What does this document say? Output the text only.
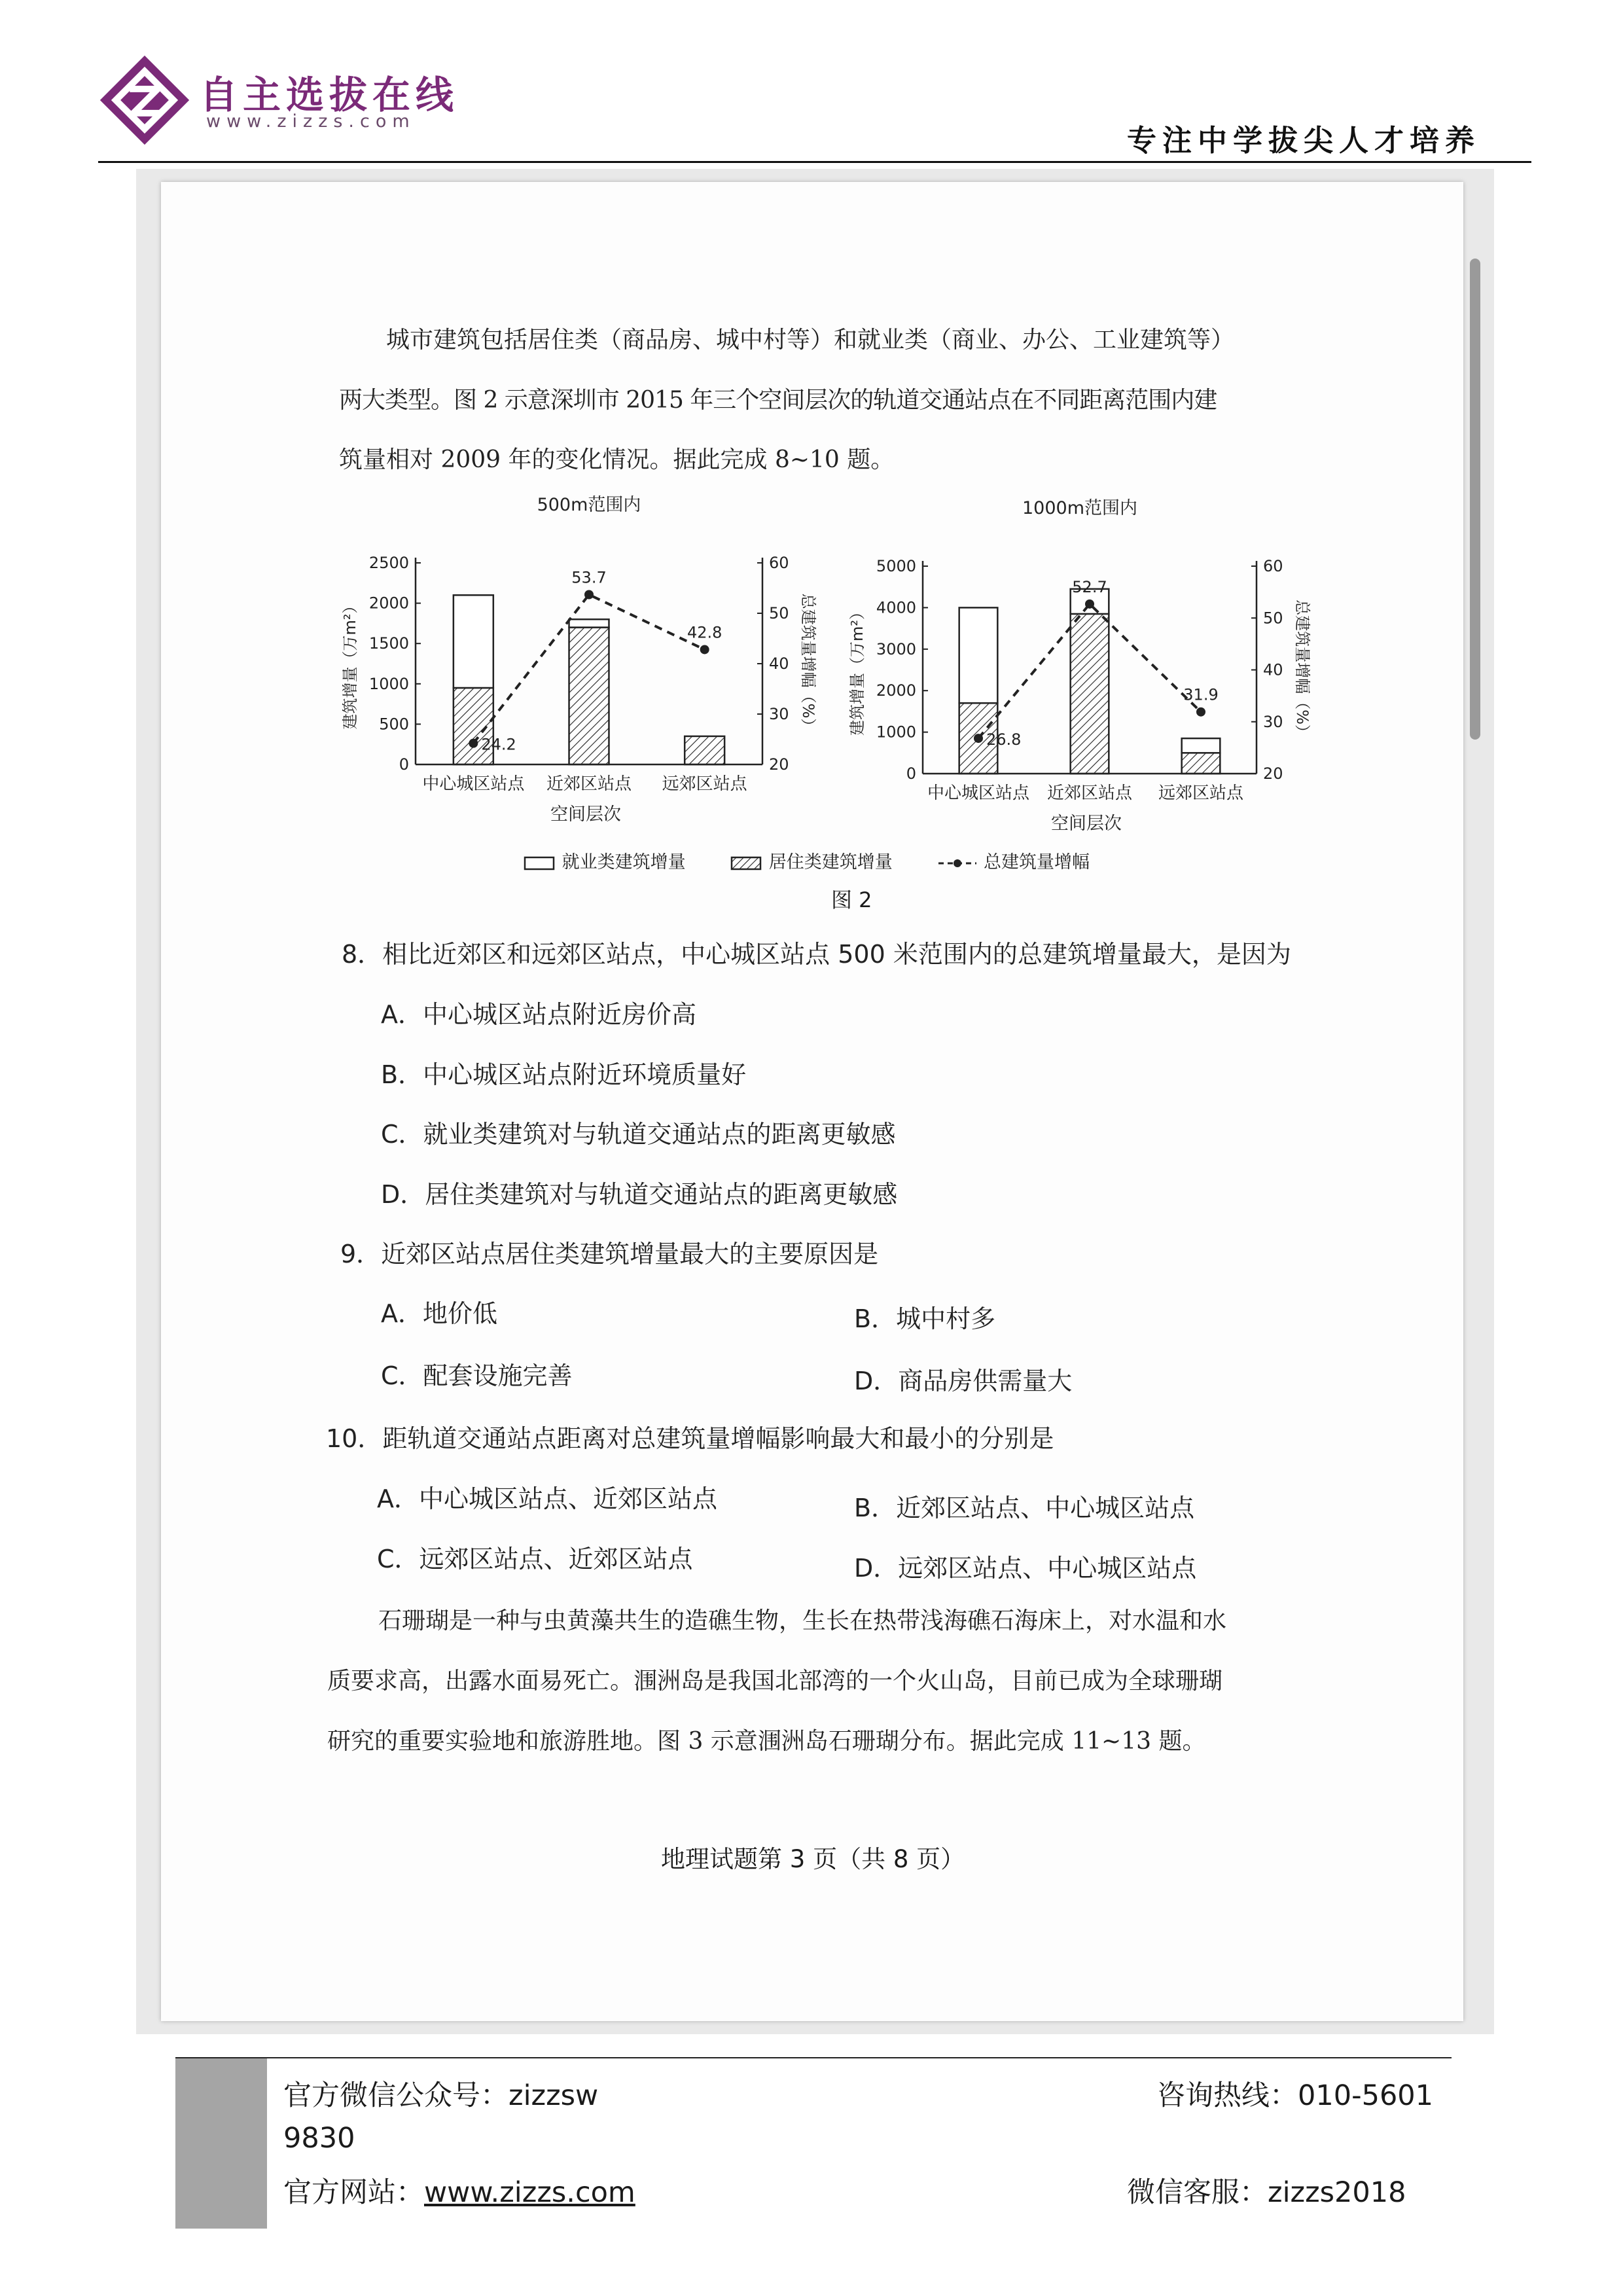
自主选拔在线
www.zizzs.com
专注中学拔尖人才培养
城市建筑包括居住类（商品房、城中村等）和就业类（商业、办公、工业建筑等）
两大类型。图 2 示意深圳市 2015 年三个空间层次的轨道交通站点在不同距离范围内建
筑量相对 2009 年的变化情况。据此完成 8~10 题。
500m范围内
0
500
1000
1500
2000
2500
20
30
40
50
60
建筑增量（万m²）	总建筑量增幅（%）
中心城区站点 近郊区站点 远郊区站点
空间层次
24.2
53.7
42.8
1000m范围内
0
1000
2000
3000
4000
5000
20
30
40
50
60
建筑增量（万m²）	总建筑量增幅（%）
中心城区站点 近郊区站点 远郊区站点
空间层次
26.8
52.7
31.9
就业类建筑增量	居住类建筑增量	总建筑量增幅
图 2
8．相比近郊区和远郊区站点，中心城区站点 500 米范围内的总建筑增量最大，是因为
A．中心城区站点附近房价高
B．中心城区站点附近环境质量好
C．就业类建筑对与轨道交通站点的距离更敏感
D．居住类建筑对与轨道交通站点的距离更敏感
9．近郊区站点居住类建筑增量最大的主要原因是
A．地价低	B．城中村多
C．配套设施完善	D．商品房供需量大
10．距轨道交通站点距离对总建筑量增幅影响最大和最小的分别是
A．中心城区站点、近郊区站点	B．近郊区站点、中心城区站点
C．远郊区站点、近郊区站点	D．远郊区站点、中心城区站点
石珊瑚是一种与虫黄藻共生的造礁生物，生长在热带浅海礁石海床上，对水温和水
质要求高，出露水面易死亡。涠洲岛是我国北部湾的一个火山岛，目前已成为全球珊瑚
研究的重要实验地和旅游胜地。图 3 示意涠洲岛石珊瑚分布。据此完成 11~13 题。
地理试题第 3 页（共 8 页）
官方微信公众号：zizzsw
9830
官方网站：www.zizzs.com
咨询热线：010-5601
微信客服：zizzs2018
